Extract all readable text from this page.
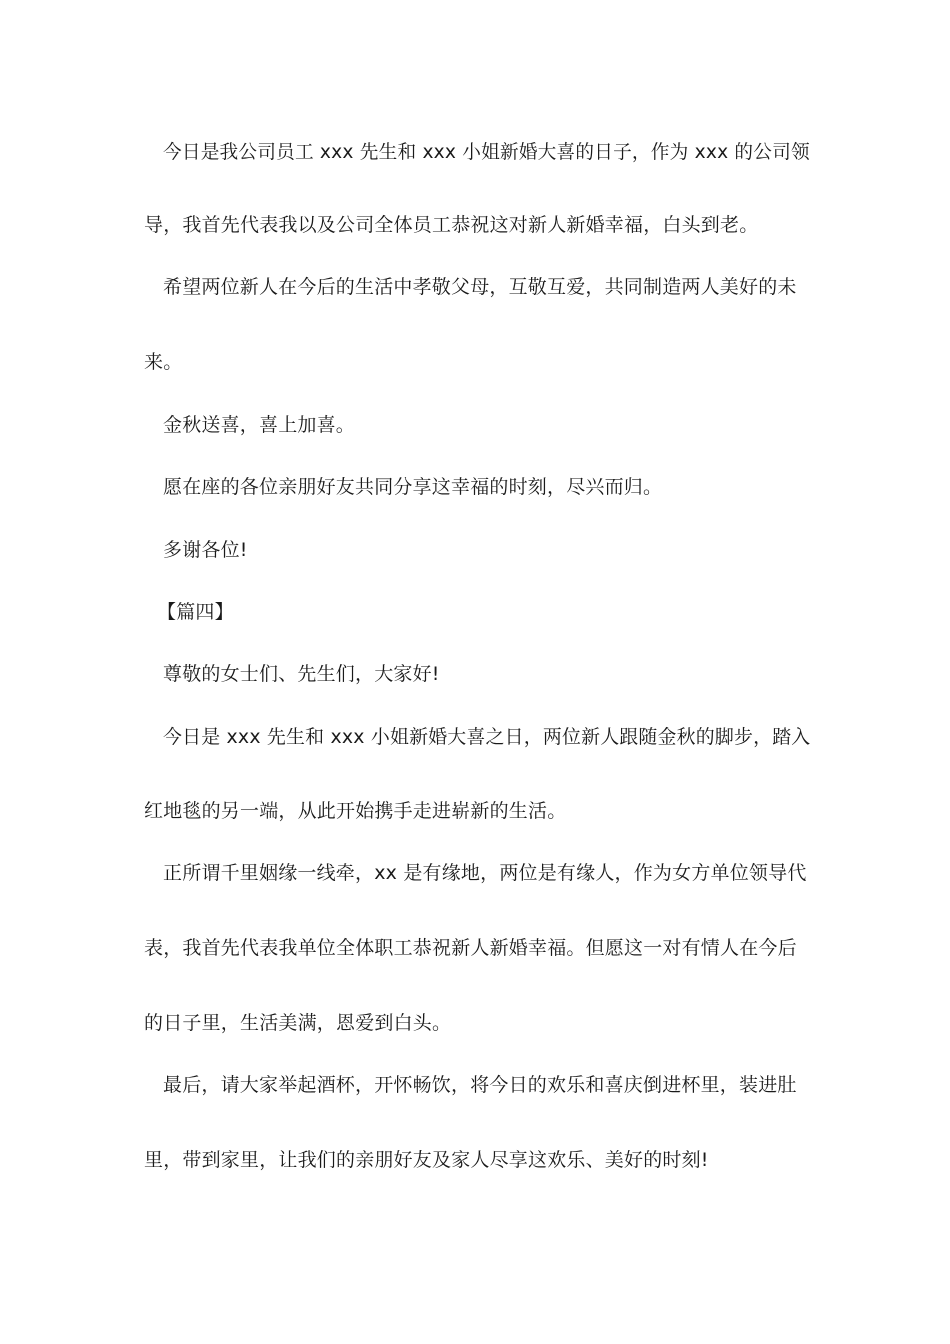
今日是我公司员工 xxx 先生和 xxx 小姐新婚大喜的日子，作为 xxx 的公司领
导，我首先代表我以及公司全体员工恭祝这对新人新婚幸福，白头到老。
希望两位新人在今后的生活中孝敬父母，互敬互爱，共同制造两人美好的未
来。
金秋送喜，喜上加喜。
愿在座的各位亲朋好友共同分享这幸福的时刻，尽兴而归。
多谢各位!
【篇四】
尊敬的女士们、先生们，大家好!
今日是 xxx 先生和 xxx 小姐新婚大喜之日，两位新人跟随金秋的脚步，踏入
红地毯的另一端，从此开始携手走进崭新的生活。
正所谓千里姻缘一线牵，xx 是有缘地，两位是有缘人，作为女方单位领导代
表，我首先代表我单位全体职工恭祝新人新婚幸福。但愿这一对有情人在今后
的日子里，生活美满，恩爱到白头。
最后，请大家举起酒杯，开怀畅饮，将今日的欢乐和喜庆倒进杯里，装进肚
里，带到家里，让我们的亲朋好友及家人尽享这欢乐、美好的时刻!
